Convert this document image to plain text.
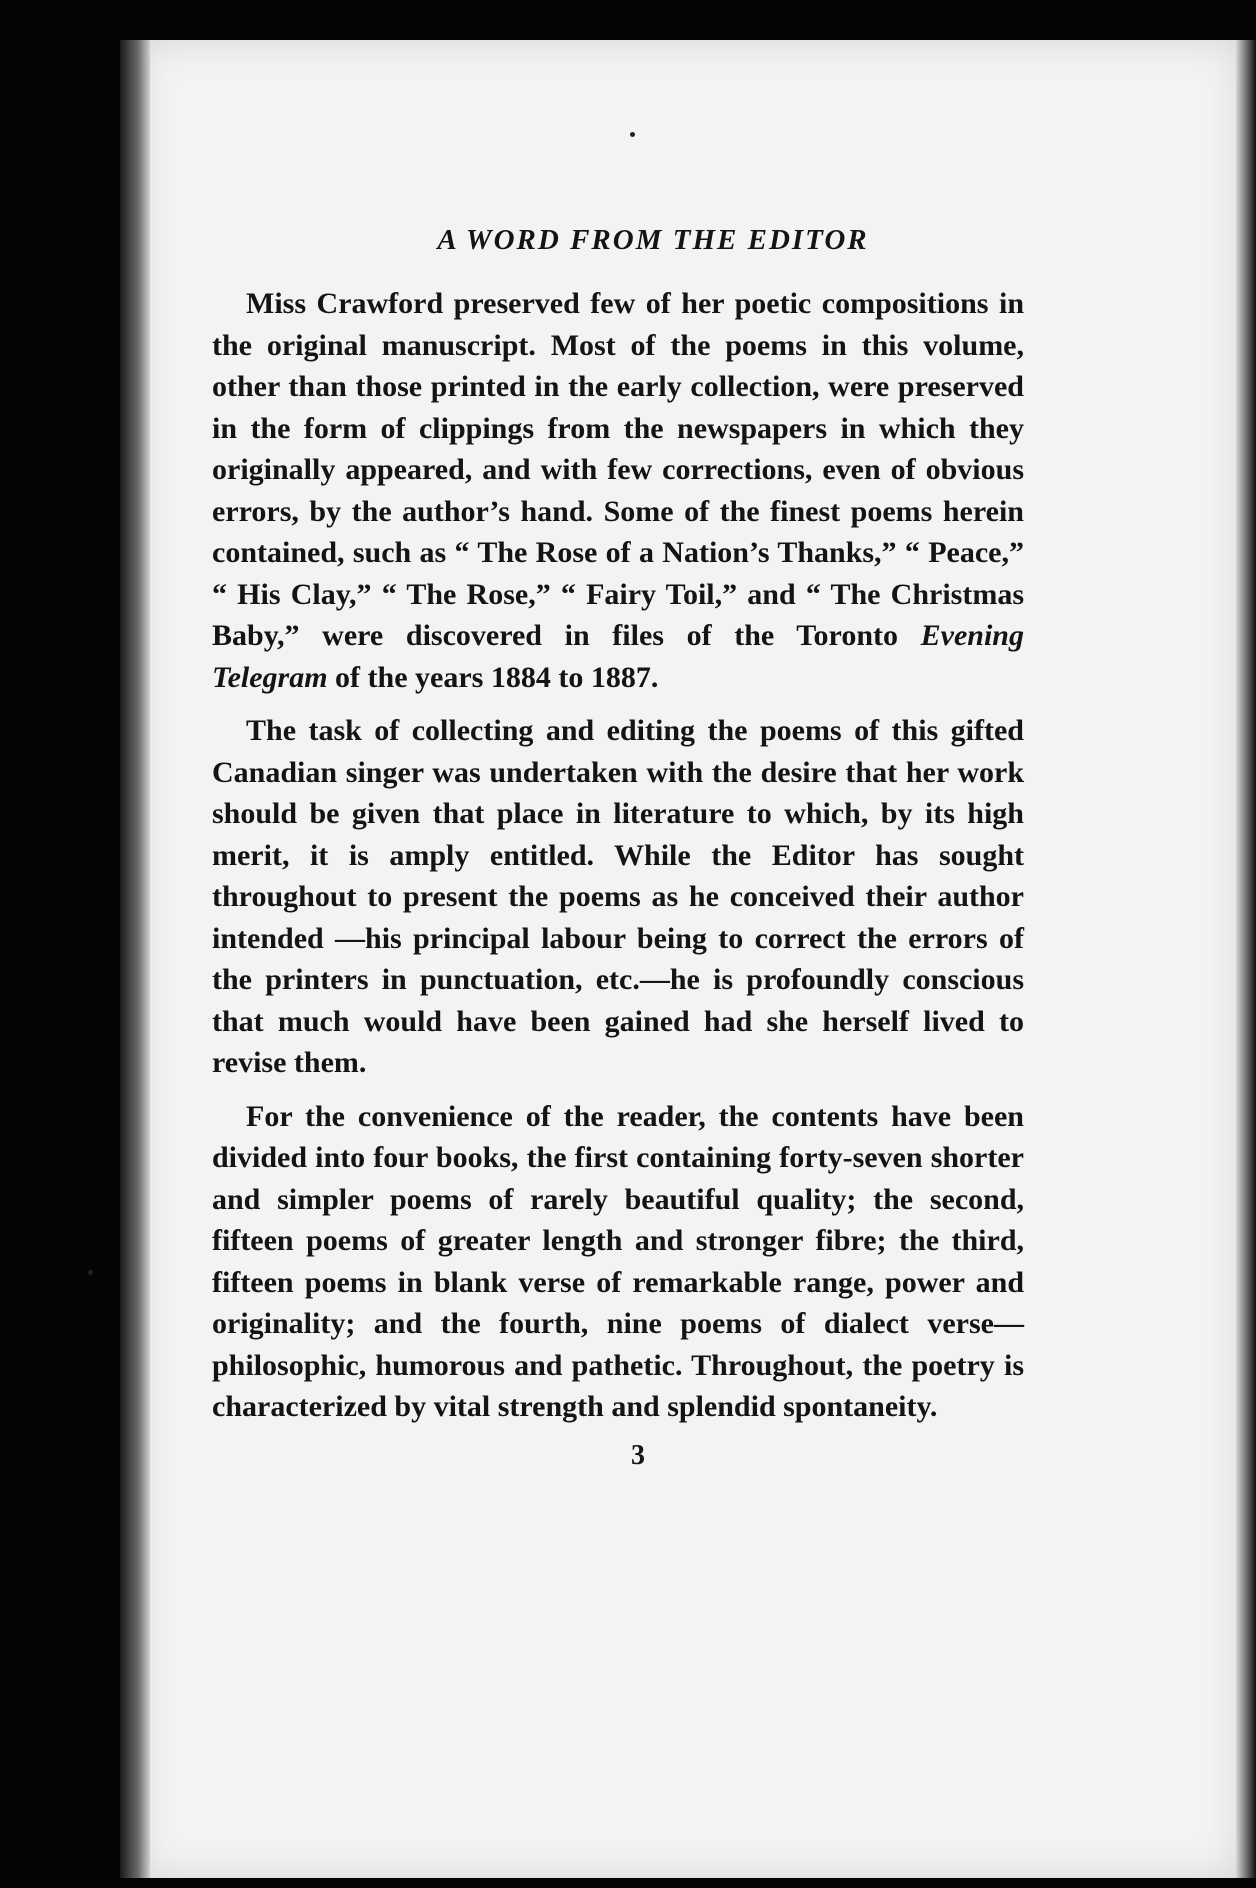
A WORD FROM THE EDITOR

Miss Crawford preserved few of her poetic compositions in the original manuscript. Most of the poems in this volume, other than those printed in the early collection, were preserved in the form of clippings from the newspapers in which they originally appeared, and with few corrections, even of obvious errors, by the author’s hand. Some of the finest poems herein contained, such as “ The Rose of a Nation’s Thanks,” “ Peace,” “ His Clay,” “ The Rose,” “ Fairy Toil,” and “ The Christmas Baby,” were discovered in files of the Toronto Evening Telegram of the years 1884 to 1887.

The task of collecting and editing the poems of this gifted Canadian singer was undertaken with the desire that her work should be given that place in literature to which, by its high merit, it is amply entitled. While the Editor has sought throughout to present the poems as he conceived their author intended —his principal labour being to correct the errors of the printers in punctuation, etc.—he is profoundly conscious that much would have been gained had she herself lived to revise them.

For the convenience of the reader, the contents have been divided into four books, the first containing forty-seven shorter and simpler poems of rarely beautiful quality; the second, fifteen poems of greater length and stronger fibre; the third, fifteen poems in blank verse of remarkable range, power and originality; and the fourth, nine poems of dialect verse—philosophic, humorous and pathetic. Throughout, the poetry is characterized by vital strength and splendid spontaneity.

3
